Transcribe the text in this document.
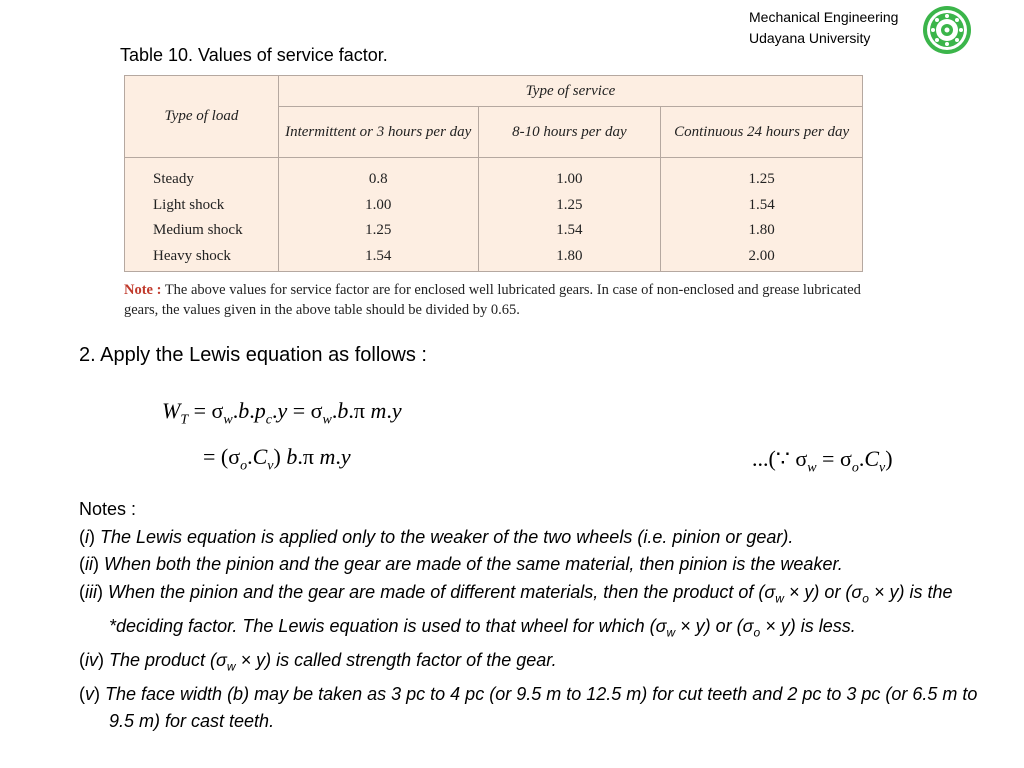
Mechanical Engineering
Udayana University
Table 10. Values of service factor.
Type of load	Type of service		
	Intermittent or 3 hours per day	8-10 hours per day	Continuous 24 hours per day
Steady	0.8	1.00	1.25
Light shock	1.00	1.25	1.54
Medium shock	1.25	1.54	1.80
Heavy shock	1.54	1.80	2.00
Note : The above values for service factor are for enclosed well lubricated gears. In case of non-enclosed and grease lubricated gears, the values given in the above table should be divided by 0.65.
2. Apply the Lewis equation as follows :
$W_T = \sigma_w.b.p_c.y = \sigma_w.b.\pi$ m.y
= $(\sigma_o.C_v)$ b.π m.y	...(∵ $\sigma_w = \sigma_o.C_v$)
Notes :

(i) The Lewis equation is applied only to the weaker of the two wheels (i.e. pinion or gear).

(ii) When both the pinion and the gear are made of the same material, then pinion is the weaker.

(iii) When the pinion and the gear are made of different materials, then the product of $(\sigma_w \times y)$ or $(\sigma_o \times y)$ is the *deciding factor. The Lewis equation is used to that wheel for which $(\sigma_w \times y)$ or $(\sigma_o \times y)$ is less.

(iv) The product $(\sigma_w \times y)$ is called strength factor of the gear.

(v) The face width (b) may be taken as 3 pc to 4 pc (or 9.5 m to 12.5 m) for cut teeth and 2 pc to 3 pc (or 6.5 m to 9.5 m) for cast teeth.
